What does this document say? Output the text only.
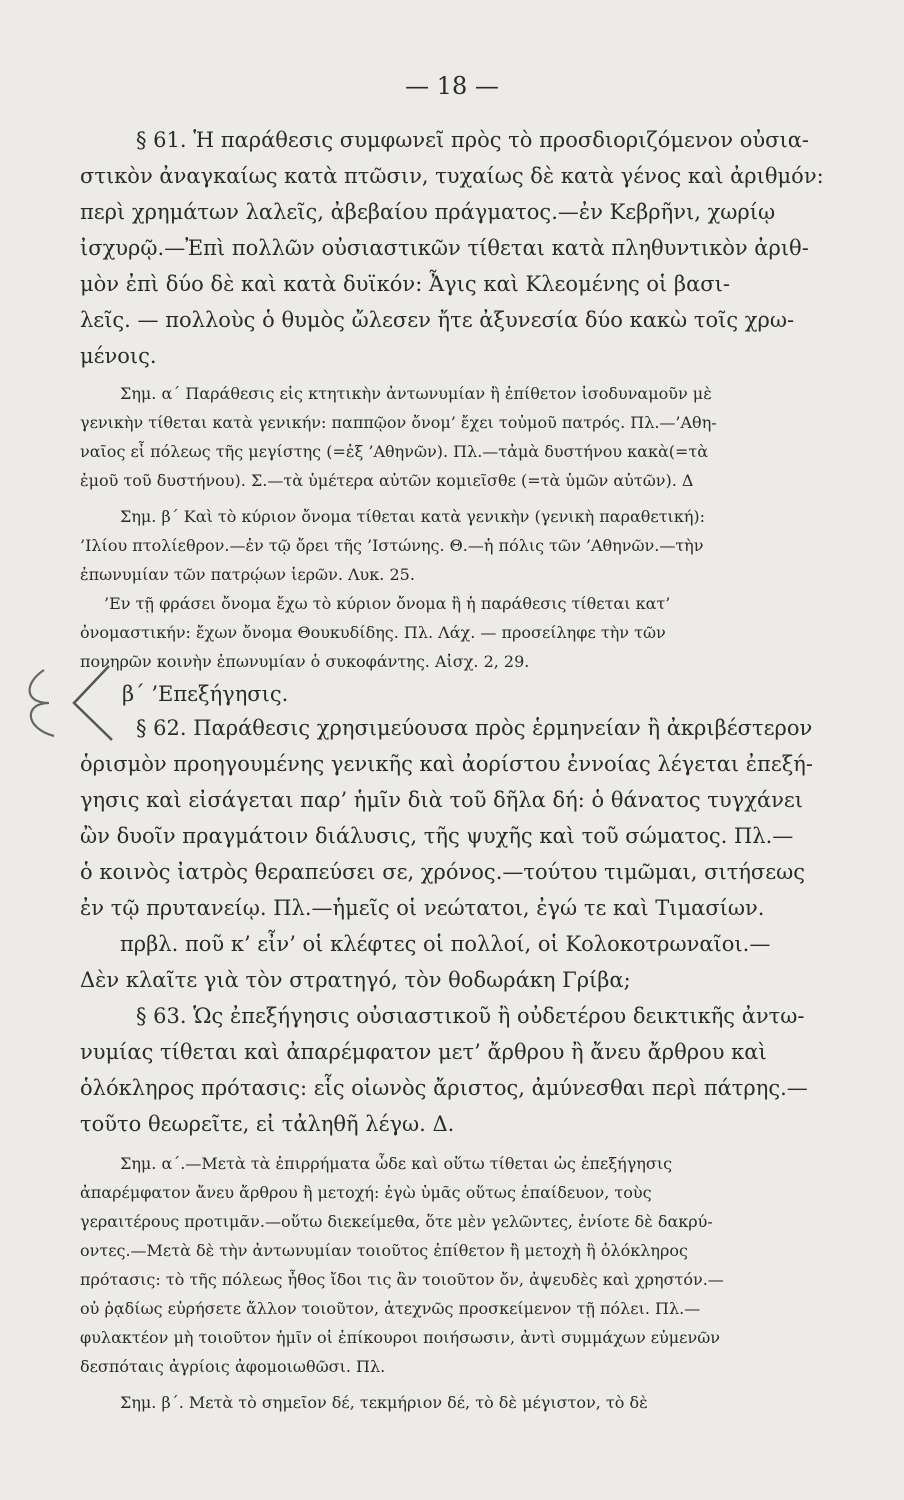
— 18 —
§ 61. Ἡ παράθεσις συμφωνεῖ πρὸς τὸ προσδιοριζόμενον οὐσια-
στικὸν ἀναγκαίως κατὰ πτῶσιν, τυχαίως δὲ κατὰ γένος καὶ ἀριθμόν:
περὶ χρημάτων λαλεῖς, ἀβεβαίου πράγματος.—ἐν Κεβρῆνι, χωρίῳ
ἰσχυρῷ.—Ἐπὶ πολλῶν οὐσιαστικῶν τίθεται κατὰ πληθυντικὸν ἀριθ-
μὸν ἐπὶ δύο δὲ καὶ κατὰ δυϊκόν: Ἆγις καὶ Κλεομένης οἱ βασι-
λεῖς. — πολλοὺς ὁ θυμὸς ὤλεσεν ἤτε ἀξυνεσία δύο κακὼ τοῖς χρω-
μένοις.
Σημ. α΄ Παράθεσις εἰς κτητικὴν ἀντωνυμίαν ἢ ἐπίθετον ἰσοδυναμοῦν μὲ
γενικὴν τίθεται κατὰ γενικήν: παππῷον ὄνομ’ ἔχει τοὐμοῦ πατρός. Πλ.—’Αθη-
ναῖος εἶ πόλεως τῆς μεγίστης (=ἐξ ’Αθηνῶν). Πλ.—τἀμὰ δυστήνου κακὰ(=τὰ
ἐμοῦ τοῦ δυστήνου). Σ.—τὰ ὑμέτερα αὐτῶν κομιεῖσθε (=τὰ ὑμῶν αὐτῶν). Δ
Σημ. β΄ Καὶ τὸ κύριον ὄνομα τίθεται κατὰ γενικὴν (γενικὴ παραθετική):
’Ιλίου πτολίεθρον.—ἐν τῷ ὄρει τῆς ’Ιστώνης. Θ.—ἡ πόλις τῶν ’Αθηνῶν.—τὴν
ἐπωνυμίαν τῶν πατρῴων ἱερῶν. Λυκ. 25.
’Εν τῇ φράσει ὄνομα ἔχω τὸ κύριον ὄνομα ἢ ἡ παράθεσις τίθεται κατ’
ὀνομαστικήν: ἔχων ὄνομα Θουκυδίδης. Πλ. Λάχ. — προσείληφε τὴν τῶν
πονηρῶν κοινὴν ἐπωνυμίαν ὁ συκοφάντης. Αἰσχ. 2, 29.
β΄ ’Επεξήγησις.
§ 62. Παράθεσις χρησιμεύουσα πρὸς ἑρμηνείαν ἢ ἀκριβέστερον
ὁρισμὸν προηγουμένης γενικῆς καὶ ἀορίστου ἐννοίας λέγεται ἐπεξή-
γησις καὶ εἰσάγεται παρ’ ἡμῖν διὰ τοῦ δῆλα δή: ὁ θάνατος τυγχάνει
ὢν δυοῖν πραγμάτοιν διάλυσις, τῆς ψυχῆς καὶ τοῦ σώματος. Πλ.—
ὁ κοινὸς ἰατρὸς θεραπεύσει σε, χρόνος.—τούτου τιμῶμαι, σιτήσεως
ἐν τῷ πρυτανείῳ. Πλ.—ἡμεῖς οἱ νεώτατοι, ἐγώ τε καὶ Τιμασίων.
πρβλ. ποῦ κ’ εἶν’ οἱ κλέφτες οἱ πολλοί, οἱ Κολοκοτρωναῖοι.—
Δὲν κλαῖτε γιὰ τὸν στρατηγό, τὸν θοδωράκη Γρίβα;
§ 63. Ὡς ἐπεξήγησις οὐσιαστικοῦ ἢ οὐδετέρου δεικτικῆς ἀντω-
νυμίας τίθεται καὶ ἀπαρέμφατον μετ’ ἄρθρου ἢ ἄνευ ἄρθρου καὶ
ὁλόκληρος πρότασις: εἷς οἰωνὸς ἄριστος, ἀμύνεσθαι περὶ πάτρης.—
τοῦτο θεωρεῖτε, εἰ τἀληθῆ λέγω. Δ.
Σημ. α΄.—Μετὰ τὰ ἐπιρρήματα ὧδε καὶ οὕτω τίθεται ὡς ἐπεξήγησις
ἀπαρέμφατον ἄνευ ἄρθρου ἢ μετοχή: ἐγὼ ὑμᾶς οὕτως ἐπαίδευον, τοὺς
γεραιτέρους προτιμᾶν.—οὕτω διεκείμεθα, ὅτε μὲν γελῶντες, ἐνίοτε δὲ δακρύ-
οντες.—Μετὰ δὲ τὴν ἀντωνυμίαν τοιοῦτος ἐπίθετον ἢ μετοχὴ ἢ ὁλόκληρος
πρότασις: τὸ τῆς πόλεως ἦθος ἴδοι τις ἂν τοιοῦτον ὄν, ἀψευδὲς καὶ χρηστόν.—
οὐ ῥᾳδίως εὑρήσετε ἄλλον τοιοῦτον, ἀτεχνῶς προσκείμενον τῇ πόλει. Πλ.—
φυλακτέον μὴ τοιοῦτον ἡμῖν οἱ ἐπίκουροι ποιήσωσιν, ἀντὶ συμμάχων εὐμενῶν
δεσπόταις ἀγρίοις ἀφομοιωθῶσι. Πλ.
Σημ. β΄. Μετὰ τὸ σημεῖον δέ, τεκμήριον δέ, τὸ δὲ μέγιστον, τὸ δὲ
